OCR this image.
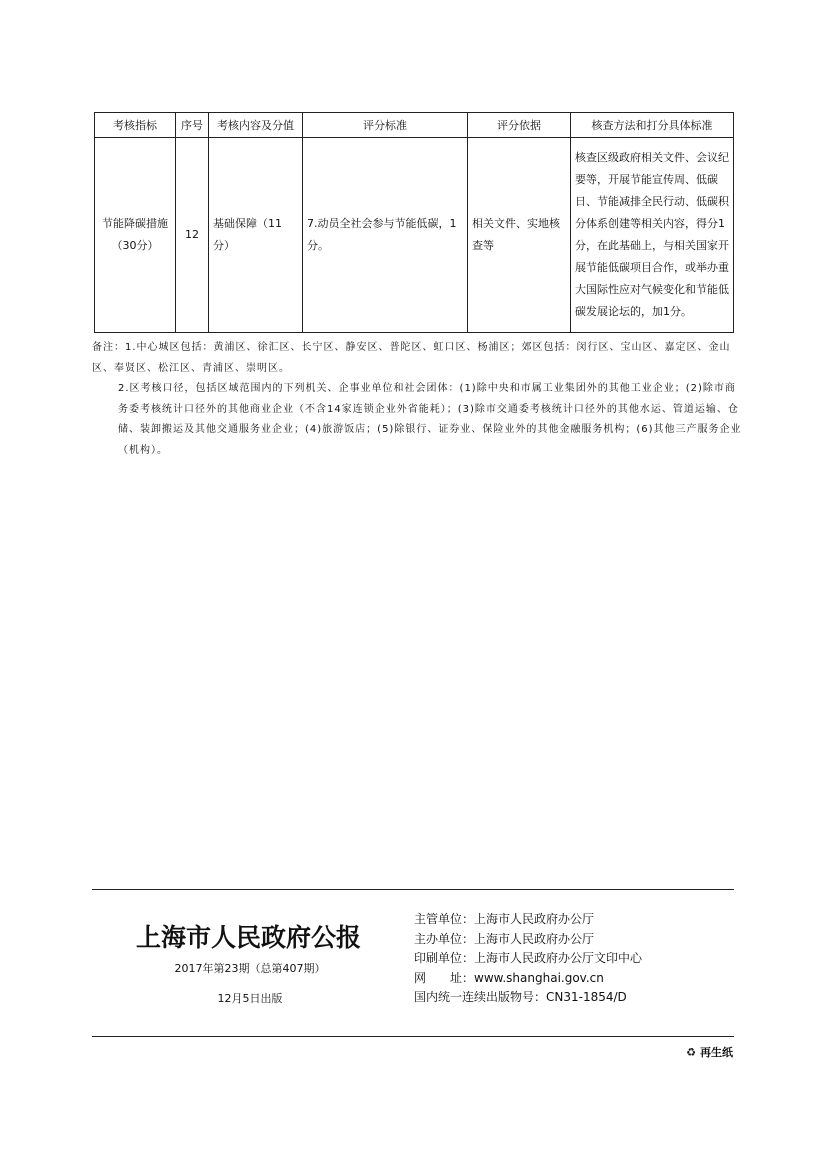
考核指标	序号	考核内容及分值	评分标准	评分依据	核查方法和打分具体标准
节能降碳措施
（30分）	12	基础保障（11分）	7.动员全社会参与节能低碳，1分。	相关文件、实地核查等	核查区级政府相关文件、会议纪要等，开展节能宣传周、低碳日、节能减排全民行动、低碳积分体系创建等相关内容，得分1分，在此基础上，与相关国家开展节能低碳项目合作，或举办重大国际性应对气候变化和节能低碳发展论坛的，加1分。
备注：1.中心城区包括：黄浦区、徐汇区、长宁区、静安区、普陀区、虹口区、杨浦区；郊区包括：闵行区、宝山区、嘉定区、金山区、奉贤区、松江区、青浦区、崇明区。
2.区考核口径，包括区域范围内的下列机关、企事业单位和社会团体：(1)除中央和市属工业集团外的其他工业企业；(2)除市商务委考核统计口径外的其他商业企业（不含14家连锁企业外省能耗）；(3)除市交通委考核统计口径外的其他水运、管道运输、仓储、装卸搬运及其他交通服务业企业；(4)旅游饭店；(5)除银行、证券业、保险业外的其他金融服务机构；(6)其他三产服务企业（机构）。
上海市人民政府公报
2017年第23期（总第407期）
12月5日出版
主管单位：上海市人民政府办公厅
主办单位：上海市人民政府办公厅
印刷单位：上海市人民政府办公厅文印中心
网　　址：www.shanghai.gov.cn
国内统一连续出版物号：CN31-1854/D
♻ 再生纸
